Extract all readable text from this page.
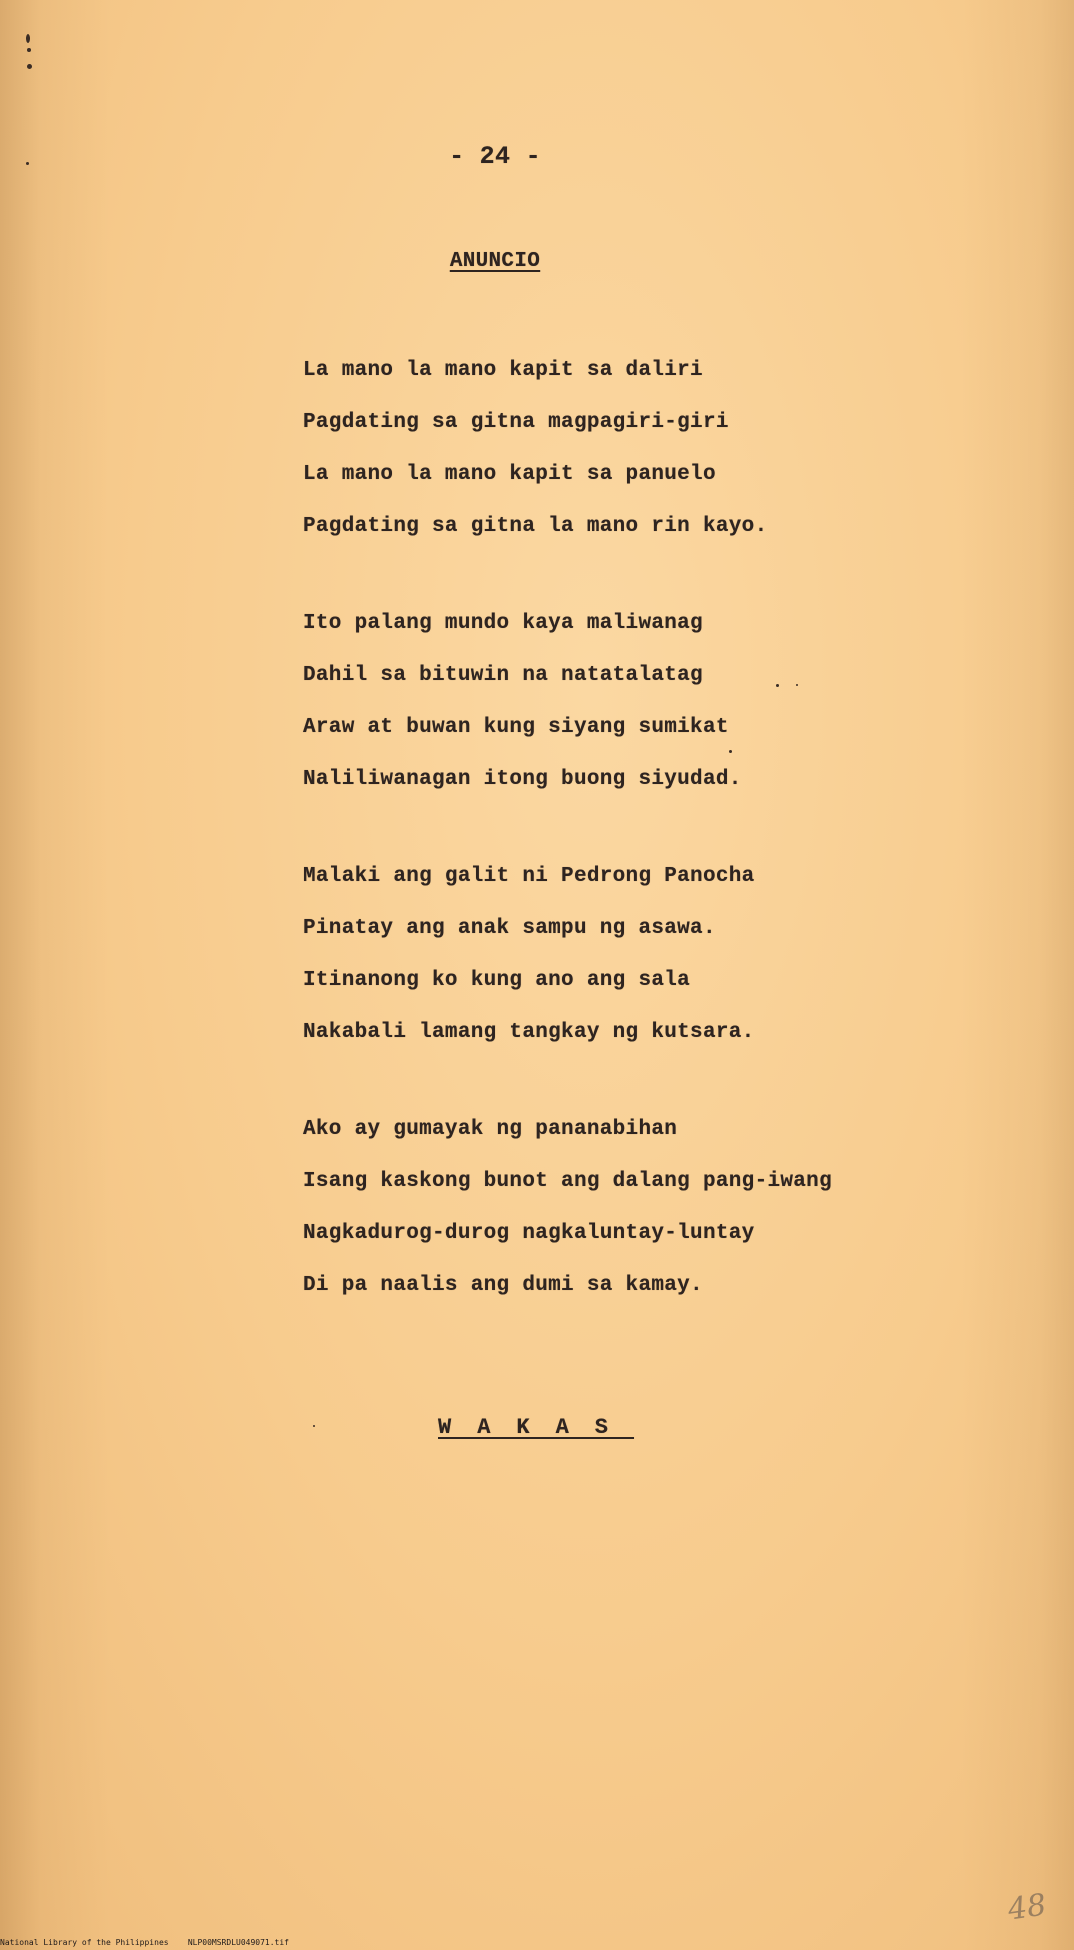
- 24 -
ANUNCIO
La mano la mano kapit sa daliri
Pagdating sa gitna magpagiri-giri
La mano la mano kapit sa panuelo
Pagdating sa gitna la mano rin kayo.
Ito palang mundo kaya maliwanag
Dahil sa bituwin na natatalatag
Araw at buwan kung siyang sumikat
Naliliwanagan itong buong siyudad.
Malaki ang galit ni Pedrong Panocha
Pinatay ang anak sampu ng asawa.
Itinanong ko kung ano ang sala
Nakabali lamang tangkay ng kutsara.
Ako ay gumayak ng pananabihan
Isang kaskong bunot ang dalang pang-iwang
Nagkadurog-durog nagkaluntay-luntay
Di pa naalis ang dumi sa kamay.
WAKAS
48
National Library of the Philippines NLP00MSRDLU049071.tif
